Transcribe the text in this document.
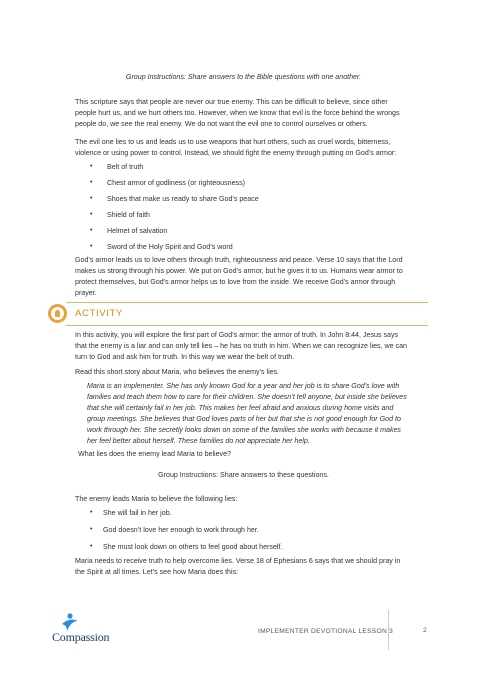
Group Instructions: Share answers to the Bible questions with one another.
This scripture says that people are never our true enemy. This can be difficult to believe, since other
people hurt us, and we hurt others too. However, when we know that evil is the force behind the wrongs
people do, we see the real enemy. We do not want the evil one to control ourselves or others.
The evil one lies to us and leads us to use weapons that hurt others, such as cruel words, bitterness,
violence or using power to control. Instead, we should fight the enemy through putting on God’s armor:
• Belt of truth
• Chest armor of godliness (or righteousness)
• Shoes that make us ready to share God’s peace
• Shield of faith
• Helmet of salvation
• Sword of the Holy Spirit and God’s word
God’s armor leads us to love others through truth, righteousness and peace. Verse 10 says that the Lord
makes us strong through his power. We put on God’s armor, but he gives it to us. Humans wear armor to
protect themselves, but God’s armor helps us to love from the inside. We receive God’s armor through
prayer.
ACTIVITY
In this activity, you will explore the first part of God’s armor: the armor of truth. In John 8:44, Jesus says
that the enemy is a liar and can only tell lies – he has no truth in him. When we can recognize lies, we can
turn to God and ask him for truth. In this way we wear the belt of truth.
Read this short story about Maria, who believes the enemy’s lies.
Maria is an implementer. She has only known God for a year and her job is to share God’s love with
families and teach them how to care for their children. She doesn’t tell anyone, but inside she believes
that she will certainly fail in her job. This makes her feel afraid and anxious during home visits and
group meetings. She believes that God loves parts of her but that she is not good enough for God to
work through her. She secretly looks down on some of the families she works with because it makes
her feel better about herself. These families do not appreciate her help.
What lies does the enemy lead Maria to believe?
Group Instructions: Share answers to these questions.
The enemy leads Maria to believe the following lies:
• She will fail in her job.
• God doesn’t love her enough to work through her.
• She must look down on others to feel good about herself.
Maria needs to receive truth to help overcome lies. Verse 18 of Ephesians 6 says that we should pray in
the Spirit at all times. Let’s see how Maria does this:
Compassion	IMPLEMENTER DEVOTIONAL LESSON 3	2
